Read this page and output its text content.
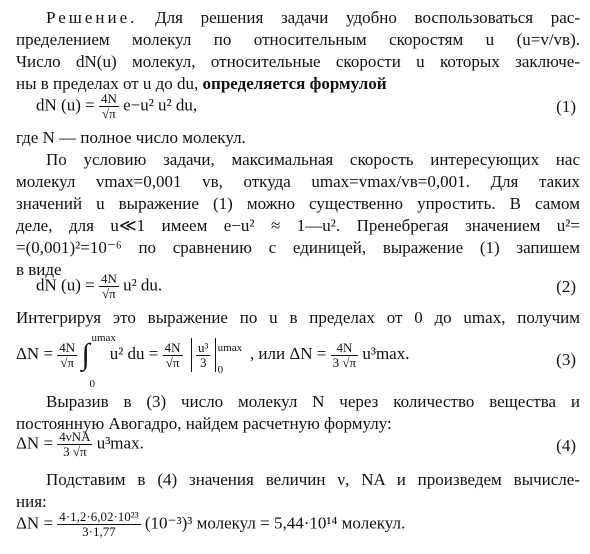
Решение. Для решения задачи удобно воспользоваться рас-
пределением молекул по относительным скоростям u (u=v/vв).
Число dN(u) молекул, относительные скорости u которых заключе-
ны в пределах от u до du, определяется формулой
dN $(u) = \frac{4N}{√\pi} e-u^2$ u² du,	(1)
где N — полное число молекул.
По условию задачи, максимальная скорость интересующих нас
молекул vmax=0,001 vв, откуда umax=vmax/vв=0,001. Для таких
значений u выражение (1) можно существенно упростить. В самом
деле, для u≪1 имеем e−u² ≈ 1—u². Пренебрегая значением u²=
=(0,001)²=10⁻⁶ по сравнению с единицей, выражение (1) запишем
в виде
dN $(u) = \frac{4N}{√\pi} u^2$ du.	(2)
Интегрируя это выражение по u в пределах от 0 до umax, получим
$\Delta N = \frac{4N}{√\pi}$ ∫ umax
0
u² du = $\frac{4N}{√\pi}$
$\frac{\text{u³}}{3}$
umax
0
, или $\Delta N = \frac{4N}{3 √\pi} u^3\max$.	(3)
Выразив в (3) число молекул N через количество вещества и
постоянную Авогадро, найдем расчетную формулу:
$\Delta N = \frac{\text{4νNA}}{3 √\pi} u^3\max$.	(4)
Подставим в (4) значения величин ν, NA и произведем вычисле-
ния:
$\Delta N = \frac{\text{4·1,2·6,02·10²³}}{3\cdot 1,77} (10^{-3})^3$ молекул = 5,44·10¹⁴ молекул.
